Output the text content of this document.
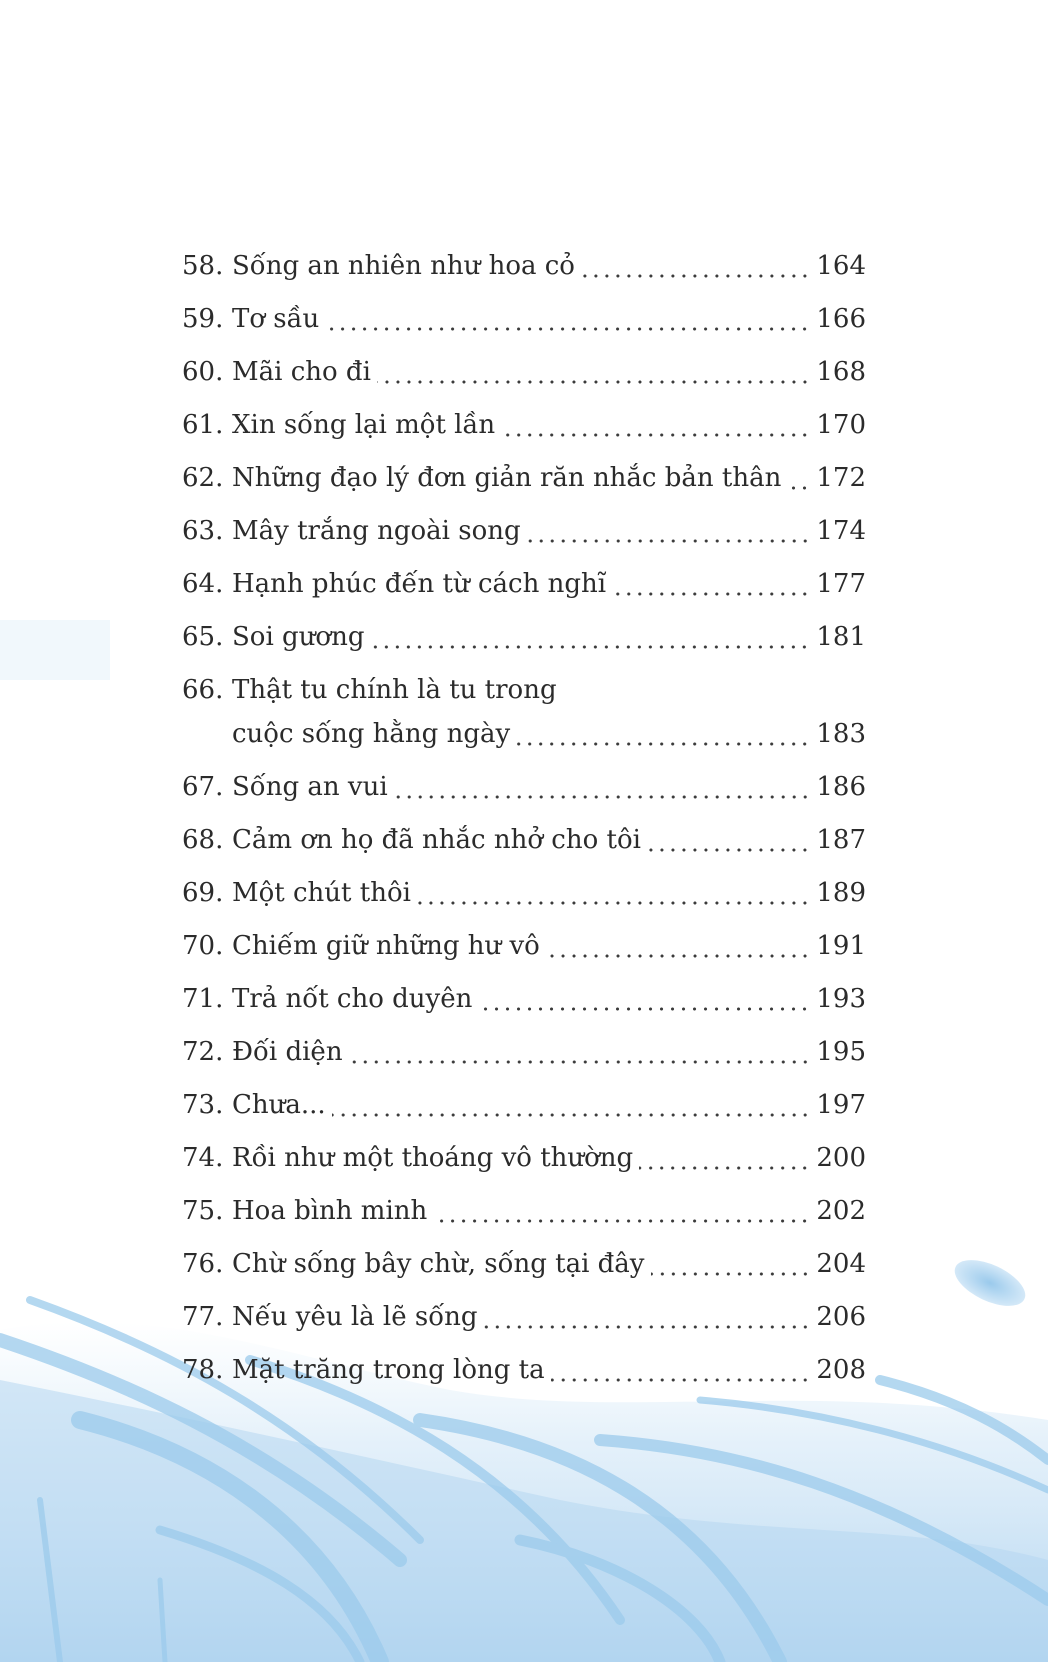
58. Sống an nhiên như hoa cỏ	164
59. Tơ sầu	166
60. Mãi cho đi	168
61. Xin sống lại một lần	170
62. Những đạo lý đơn giản răn nhắc bản thân 172
63. Mây trắng ngoài song	174
64. Hạnh phúc đến từ cách nghĩ	177
65. Soi gương	181
66. Thật tu chính là tu trong
cuộc sống hằng ngày	183
67. Sống an vui	186
68. Cảm ơn họ đã nhắc nhở cho tôi	187
69. Một chút thôi	189
70. Chiếm giữ những hư vô	191
71. Trả nốt cho duyên	193
72. Đối diện	195
73. Chưa...	197
74. Rồi như một thoáng vô thường	200
75. Hoa bình minh	202
76. Chừ sống bây chừ, sống tại đây	204
77. Nếu yêu là lẽ sống	206
78. Mặt trăng trong lòng ta	208
